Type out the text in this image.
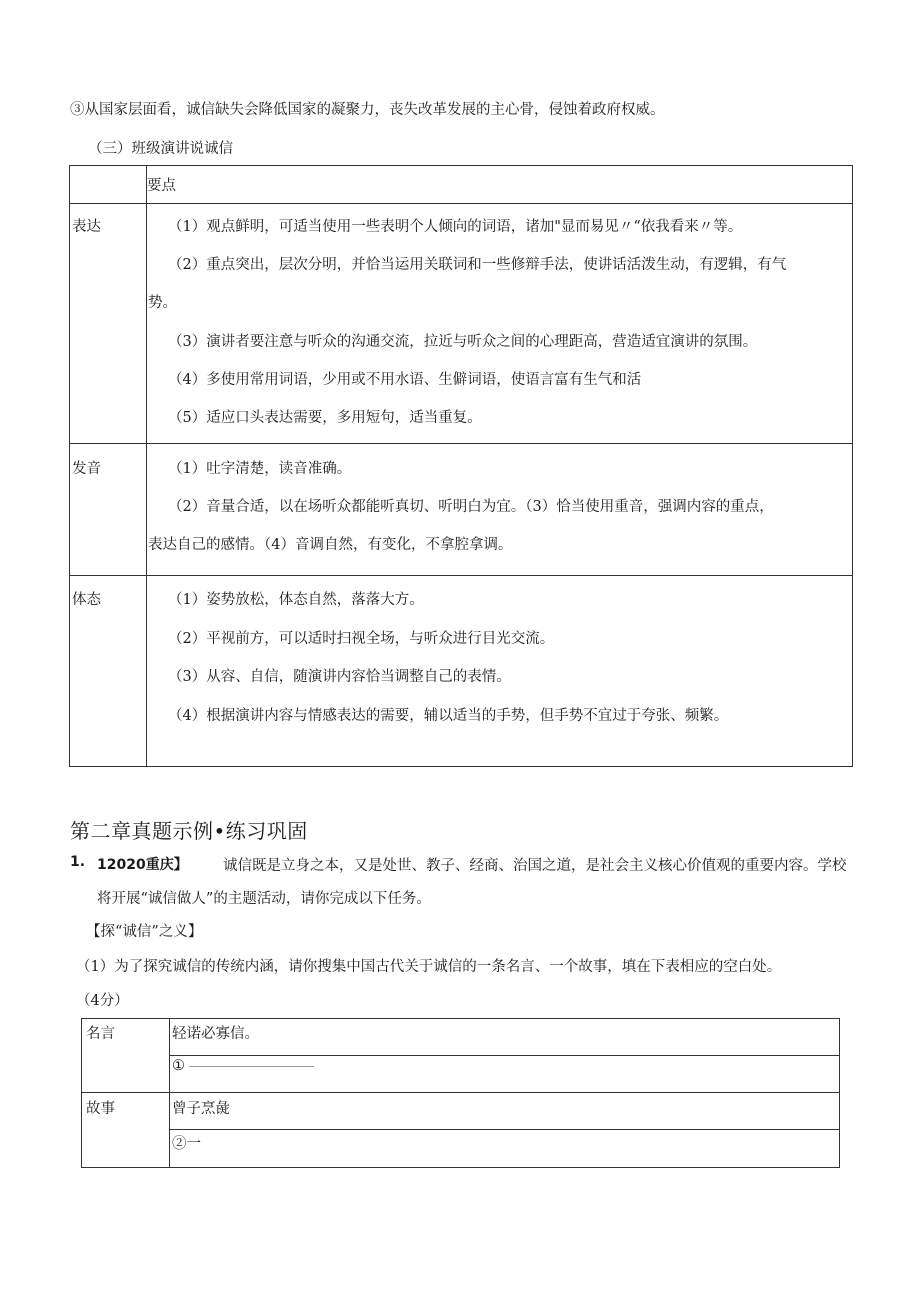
③从国家层面看，诚信缺失会降低国家的凝聚力，丧失改革发展的主心骨，侵蚀着政府权威。
（三）班级演讲说诚信
要点
表达	（1）观点鲜明，可适当使用一些表明个人倾向的词语，诸加"显而易见〃“依我看来〃等。
（2）重点突出，层次分明，并恰当运用关联词和一些修辩手法，使讲话活泼生动，有逻辑，有气
势。
（3）演讲者要注意与听众的沟通交流，拉近与听众之间的心理距高，营造适宜演讲的氛围。
（4）多使用常用词语，少用或不用水语、生僻词语，使语言富有生气和活
（5）适应口头表达需要，多用短句，适当重复。
发音	（1）吐字清楚，读音准确。
（2）音量合适，以在场听众都能听真切、听明白为宜。（3）恰当使用重音，强调内容的重点，
表达自己的感情。（4）音调自然，有变化，不拿腔拿调。
体态	（1）姿势放松，体态自然，落落大方。
（2）平视前方，可以适时扫视全场，与听众进行目光交流。
（3）从容、自信，随演讲内容恰当调整自己的表情。
（4）根据演讲内容与情感表达的需要，辅以适当的手势，但手势不宜过于夸张、频繁。
第二章真题示例•练习巩固
1. 12020重庆】 诚信既是立身之本，又是处世、教子、经商、治国之道，是社会主义核心价值观的重要内容。学校
将开展“诚信做人”的主题活动，请你完成以下任务。
【探“诚信”之义】
（1）为了探究诚信的传统内涵，请你搜集中国古代关于诚信的一条名言、一个故事，填在下表相应的空白处。
（4分）
名言	轻诺必寡信。
①
故事	曾子烹彘
②一
